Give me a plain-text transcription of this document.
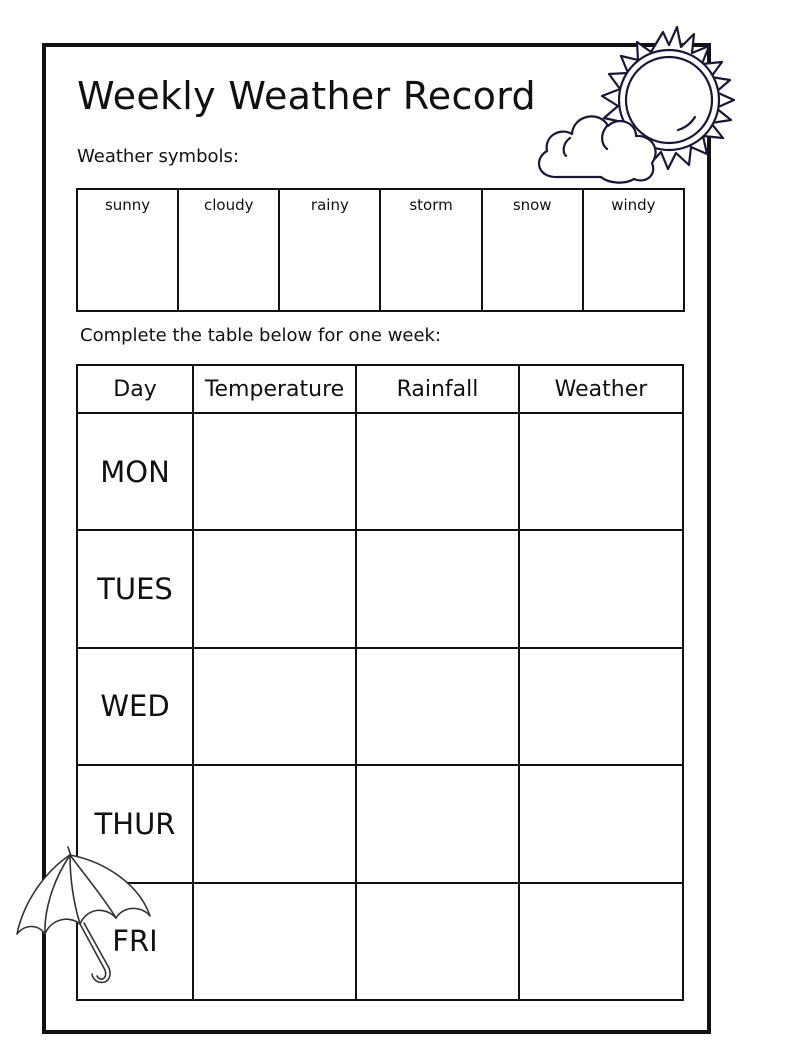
Weekly Weather Record

Weather symbols:

sunny	cloudy	rainy	storm	snow	windy

Complete the table below for one week:

Day	Temperature	Rainfall	Weather
MON			
TUES			
WED			
THUR			
FRI			
